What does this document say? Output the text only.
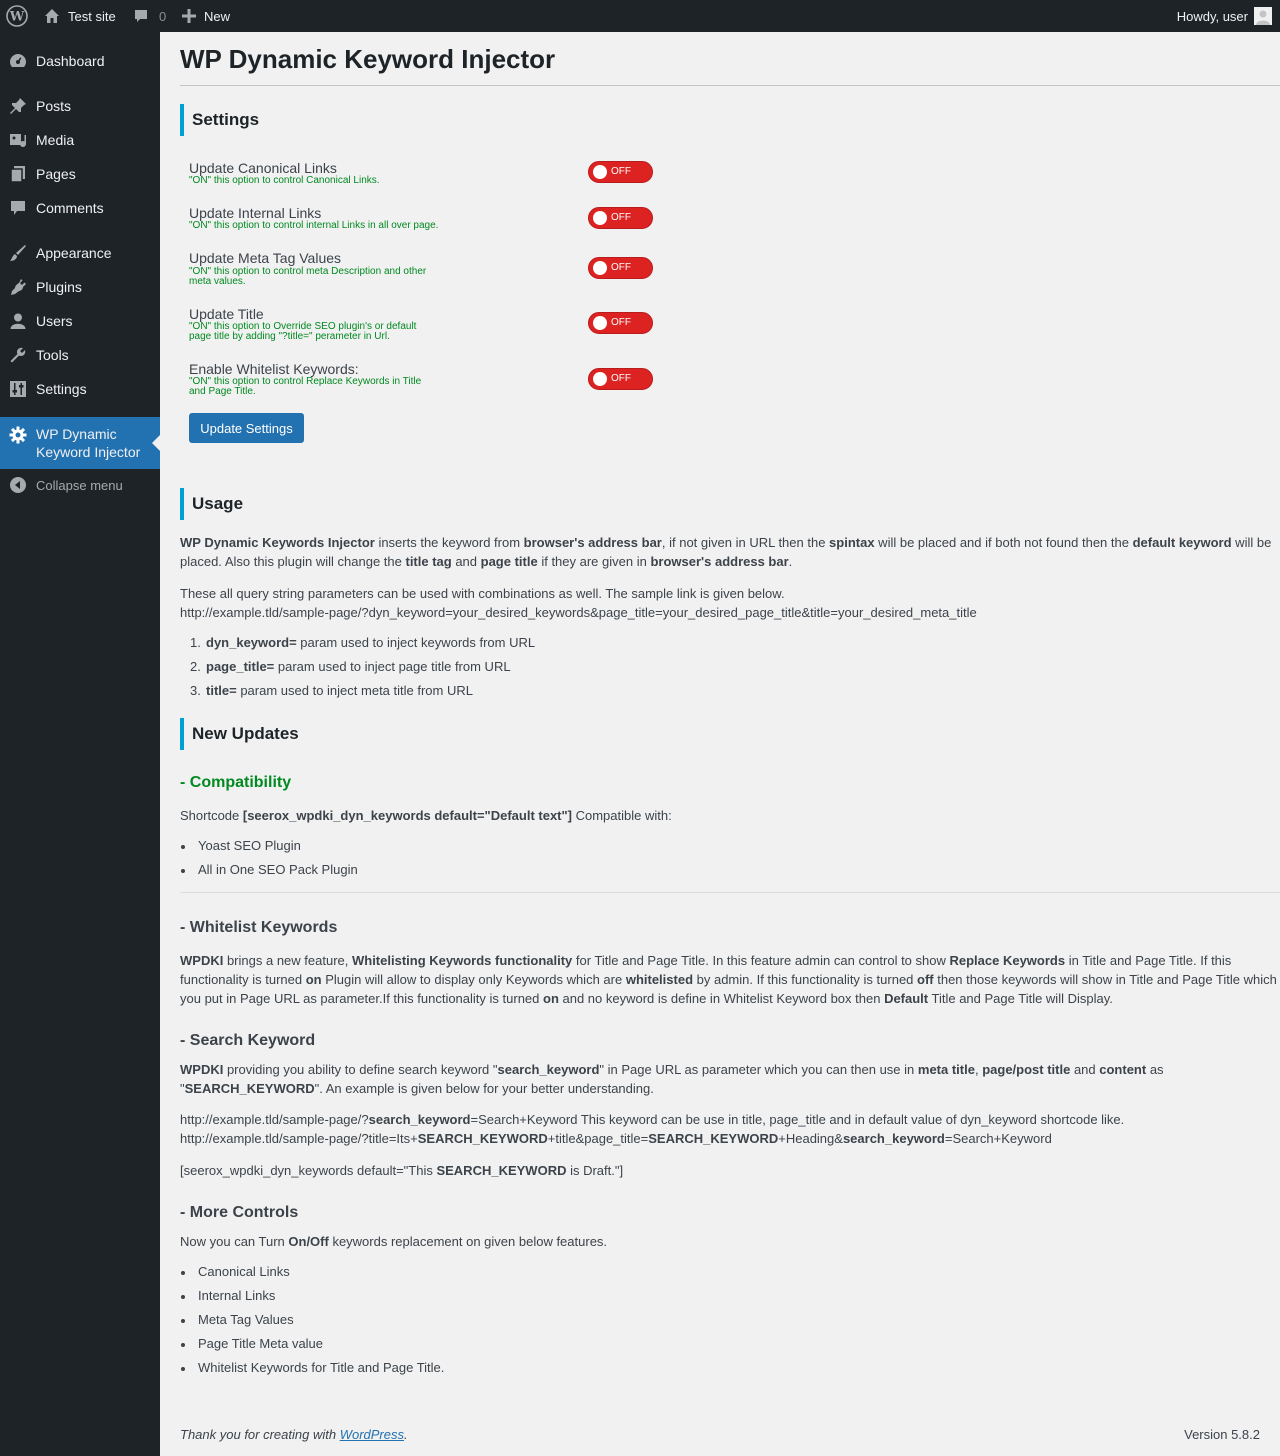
W	Test site	0	New	Howdy, user
Dashboard
Posts
Media
Pages
Comments
Appearance
Plugins
Users
Tools
Settings
WP Dynamic
Keyword Injector
Collapse menu
WP Dynamic Keyword Injector
Settings
Update Canonical Links
"ON" this option to control Canonical Links.
OFF
Update Internal Links
"ON" this option to control internal Links in all over page.
OFF
Update Meta Tag Values
"ON" this option to control meta Description and other meta values.
OFF
Update Title
"ON" this option to Override SEO plugin's or default page title by adding "?title=" perameter in Url.
OFF
Enable Whitelist Keywords:
"ON" this option to control Replace Keywords in Title and Page Title.
OFF
Update Settings
Usage
WP Dynamic Keywords Injector inserts the keyword from browser's address bar, if not given in URL then the spintax will be placed and if both not found then the default keyword will be placed. Also this plugin will change the title tag and page title if they are given in browser's address bar.
These all query string parameters can be used with combinations as well. The sample link is given below.
http://example.tld/sample-page/?dyn_keyword=your_desired_keywords&page_title=your_desired_page_title&title=your_desired_meta_title
1. dyn_keyword= param used to inject keywords from URL
2. page_title= param used to inject page title from URL
3. title= param used to inject meta title from URL
New Updates
- Compatibility
Shortcode [seerox_wpdki_dyn_keywords default="Default text"] Compatible with:
Yoast SEO Plugin
All in One SEO Pack Plugin
- Whitelist Keywords
WPDKI brings a new feature, Whitelisting Keywords functionality for Title and Page Title. In this feature admin can control to show Replace Keywords in Title and Page Title. If this functionality is turned on Plugin will allow to display only Keywords which are whitelisted by admin. If this functionality is turned off then those keywords will show in Title and Page Title which you put in Page URL as parameter.If this functionality is turned on and no keyword is define in Whitelist Keyword box then Default Title and Page Title will Display.
- Search Keyword
WPDKI providing you ability to define search keyword "search_keyword" in Page URL as parameter which you can then use in meta title, page/post title and content as "SEARCH_KEYWORD". An example is given below for your better understanding.
http://example.tld/sample-page/?search_keyword=Search+Keyword This keyword can be use in title, page_title and in default value of dyn_keyword shortcode like.
http://example.tld/sample-page/?title=Its+SEARCH_KEYWORD+title&page_title=SEARCH_KEYWORD+Heading&search_keyword=Search+Keyword
[seerox_wpdki_dyn_keywords default="This SEARCH_KEYWORD is Draft."]
- More Controls
Now you can Turn On/Off keywords replacement on given below features.
Canonical Links
Internal Links
Meta Tag Values
Page Title Meta value
Whitelist Keywords for Title and Page Title.
Thank you for creating with WordPress.	Version 5.8.2
